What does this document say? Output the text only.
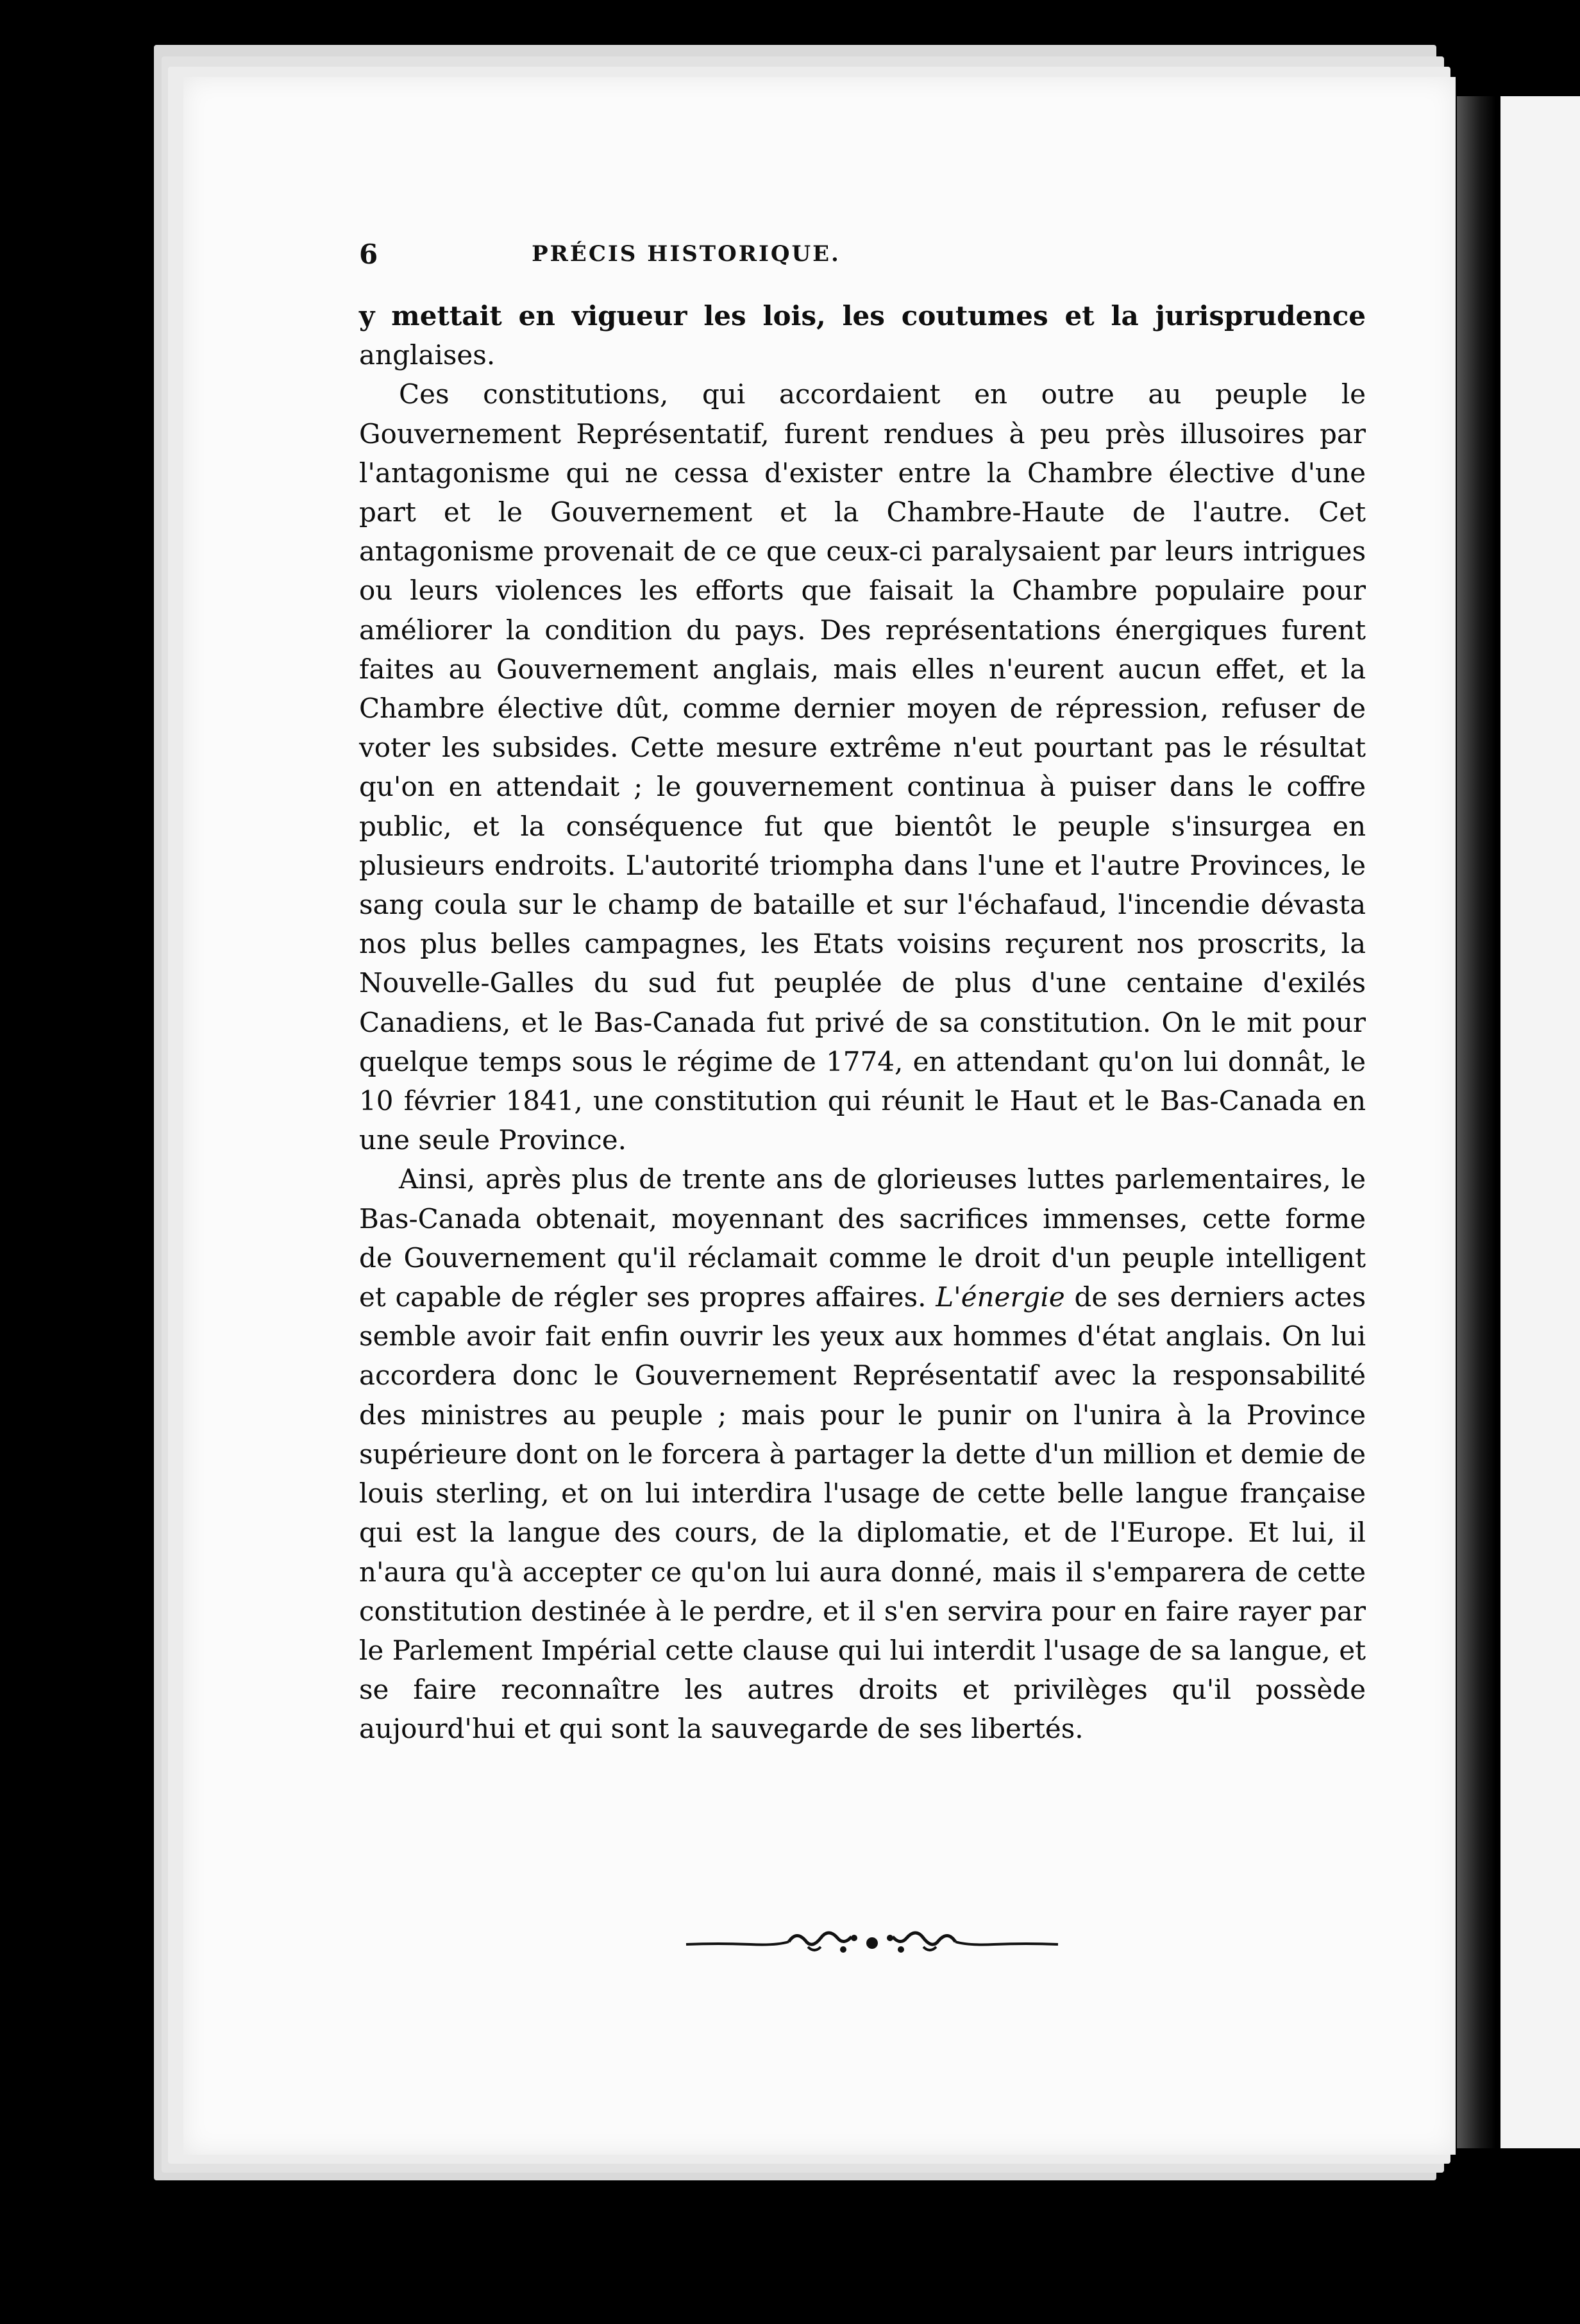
6	PRÉCIS HISTORIQUE.

y mettait en vigueur les lois, les coutumes et la jurisprudence anglaises.

Ces constitutions, qui accordaient en outre au peuple le Gouvernement Représentatif, furent rendues à peu près illusoires par l'antagonisme qui ne cessa d'exister entre la Chambre élective d'une part et le Gouvernement et la Chambre-Haute de l'autre. Cet antagonisme provenait de ce que ceux-ci paralysaient par leurs intrigues ou leurs violences les efforts que faisait la Chambre populaire pour améliorer la condition du pays. Des représentations énergiques furent faites au Gouvernement anglais, mais elles n'eurent aucun effet, et la Chambre élective dût, comme dernier moyen de répression, refuser de voter les subsides. Cette mesure extrême n'eut pourtant pas le résultat qu'on en attendait ; le gouvernement continua à puiser dans le coffre public, et la conséquence fut que bientôt le peuple s'insurgea en plusieurs endroits. L'autorité triompha dans l'une et l'autre Provinces, le sang coula sur le champ de bataille et sur l'échafaud, l'incendie dévasta nos plus belles campagnes, les Etats voisins reçurent nos proscrits, la Nouvelle-Galles du sud fut peuplée de plus d'une centaine d'exilés Canadiens, et le Bas-Canada fut privé de sa constitution. On le mit pour quelque temps sous le régime de 1774, en attendant qu'on lui donnât, le 10 février 1841, une constitution qui réunit le Haut et le Bas-Canada en une seule Province.

Ainsi, après plus de trente ans de glorieuses luttes parlementaires, le Bas-Canada obtenait, moyennant des sacrifices immenses, cette forme de Gouvernement qu'il réclamait comme le droit d'un peuple intelligent et capable de régler ses propres affaires. L'énergie de ses derniers actes semble avoir fait enfin ouvrir les yeux aux hommes d'état anglais. On lui accordera donc le Gouvernement Représentatif avec la responsabilité des ministres au peuple ; mais pour le punir on l'unira à la Province supérieure dont on le forcera à partager la dette d'un million et demie de louis sterling, et on lui interdira l'usage de cette belle langue française qui est la langue des cours, de la diplomatie, et de l'Europe. Et lui, il n'aura qu'à accepter ce qu'on lui aura donné, mais il s'emparera de cette constitution destinée à le perdre, et il s'en servira pour en faire rayer par le Parlement Impérial cette clause qui lui interdit l'usage de sa langue, et se faire reconnaître les autres droits et privilèges qu'il possède aujourd'hui et qui sont la sauvegarde de ses libertés.
